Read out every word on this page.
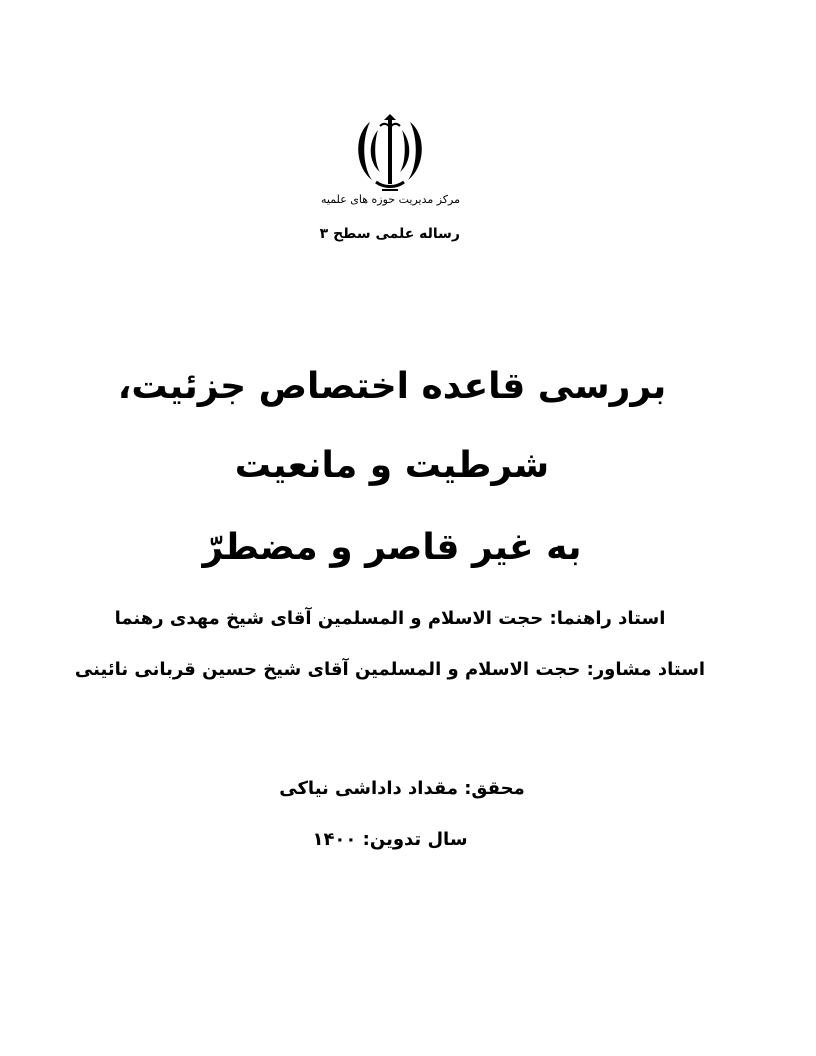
مرکز مدیریت حوزه های علمیه
رساله علمی سطح ۳
بررسی قاعده اختصاص جزئیت،
شرطیت و مانعیت
به غیر قاصر و مضطرّ
استاد راهنما: حجت الاسلام و المسلمین آقای شیخ مهدی رهنما
استاد مشاور: حجت الاسلام و المسلمین آقای شیخ حسین قربانی نائینی
محقق: مقداد داداشی نیاکی
سال تدوین: ۱۴۰۰
